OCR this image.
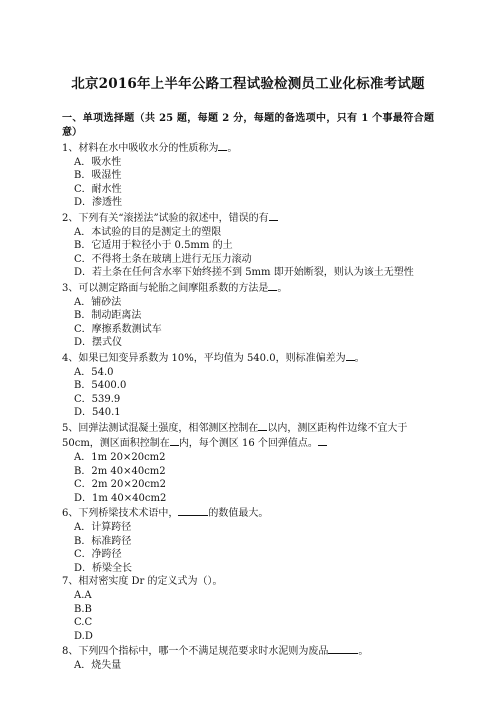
北京2016年上半年公路工程试验检测员工业化标准考试题
一、单项选择题（共 25 题，每题 2 分，每题的备选项中，只有 1 个事最符合题意）

1、材料在水中吸收水分的性质称为 。

A．吸水性

B．吸湿性

C．耐水性

D．渗透性

2、下列有关“滚搓法”试验的叙述中，错误的有

A．本试验的目的是测定土的塑限

B．它适用于粒径小于 0.5mm 的土

C．不得将土条在玻璃上进行无压力滚动

D．若土条在任何含水率下始终搓不到 5mm 即开始断裂，则认为该土无塑性

3、可以测定路面与轮胎之间摩阻系数的方法是 。

A．铺砂法

B．制动距离法

C．摩擦系数测试车

D．摆式仪

4、如果已知变异系数为 10%，平均值为 540.0，则标准偏差为 。

A．54.0

B．5400.0

C．539.9

D．540.1

5、回弹法测试混凝土强度，相邻测区控制在 以内，测区距构件边缘不宜大于 50cm，测区面积控制在 内，每个测区 16 个回弹值点。

A．1m 20×20cm2

B．2m 40×40cm2

C．2m 20×20cm2

D．1m 40×40cm2

6、下列桥梁技术术语中，	的数值最大。

A．计算跨径

B．标准跨径

C．净跨径

D．桥梁全长

7、相对密实度 Dr 的定义式为（）。

A.A

B.B

C.C

D.D

8、下列四个指标中，哪一个不满足规范要求时水泥则为废品	。

A．烧失量
